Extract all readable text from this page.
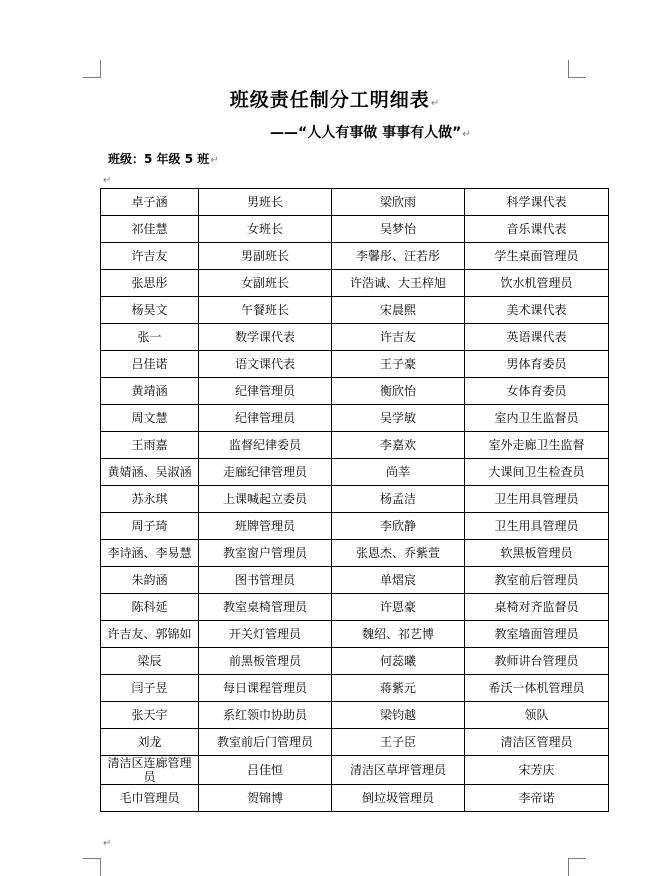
班级责任制分工明细表↵
——“人人有事做 事事有人做”↵
班级：5 年级 5 班↵
↵
卓子涵	男班长	梁欣雨	科学课代表
祁佳慧	女班长	吴梦怡	音乐课代表
许吉友	男副班长	李馨彤、汪若彤	学生桌面管理员
张思彤	女副班长	许浩诚、大王梓旭	饮水机管理员
杨昊文	午餐班长	宋晨熙	美术课代表
张一	数学课代表	许吉友	英语课代表
吕佳诺	语文课代表	王子豪	男体育委员
黄靖涵	纪律管理员	衡欣怡	女体育委员
周文慧	纪律管理员	吴学敏	室内卫生监督员
王雨嘉	监督纪律委员	李嘉欢	室外走廊卫生监督
黄婧涵、吴淑涵	走廊纪律管理员	尚莘	大课间卫生检查员
苏永琪	上课喊起立委员	杨孟洁	卫生用具管理员
周子琦	班牌管理员	李欣静	卫生用具管理员
李诗涵、李易慧	教室窗户管理员	张恩杰、乔紫萱	软黑板管理员
朱韵涵	图书管理员	单熠宸	教室前后管理员
陈科延	教室桌椅管理员	许恩豪	桌椅对齐监督员
许吉友、郭锦如	开关灯管理员	魏绍、祁艺博	教室墙面管理员
梁辰	前黑板管理员	何蕊曦	教师讲台管理员
闫子昱	每日课程管理员	蒋紫元	希沃一体机管理员
张天宇	系红领巾协助员	梁钧越	领队
刘龙	教室前后门管理员	王子臣	清洁区管理员
清洁区连廊管理员	吕佳恒	清洁区草坪管理员	宋芳庆
毛巾管理员	贺锦博	倒垃圾管理员	李帝诺
↵
